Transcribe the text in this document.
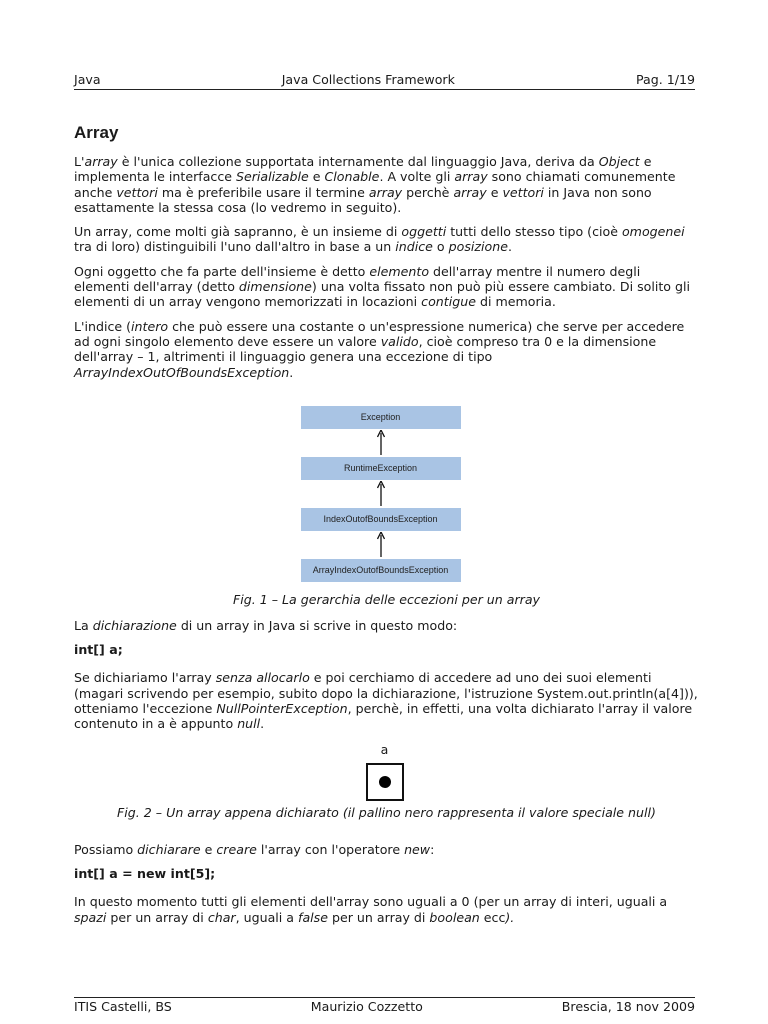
Java	Java Collections Framework	Pag. 1/19
Array

L'array è l'unica collezione supportata internamente dal linguaggio Java, deriva da Object e implementa le interfacce Serializable e Clonable. A volte gli array sono chiamati comunemente anche vettori ma è preferibile usare il termine array perchè array e vettori in Java non sono esattamente la stessa cosa (lo vedremo in seguito).

Un array, come molti già sapranno, è un insieme di oggetti tutti dello stesso tipo (cioè omogenei tra di loro) distinguibili l'uno dall'altro in base a un indice o posizione.

Ogni oggetto che fa parte dell'insieme è detto elemento dell'array mentre il numero degli elementi dell'array (detto dimensione) una volta fissato non può più essere cambiato. Di solito gli elementi di un array vengono memorizzati in locazioni contigue di memoria.

L'indice (intero che può essere una costante o un'espressione numerica) che serve per accedere ad ogni singolo elemento deve essere un valore valido, cioè compreso tra 0 e la dimensione dell'array – 1, altrimenti il linguaggio genera una eccezione di tipo ArrayIndexOutOfBoundsException.

Exception
RuntimeException
IndexOutofBoundsException
ArrayIndexOutofBoundsException

Fig. 1 – La gerarchia delle eccezioni per un array

La dichiarazione di un array in Java si scrive in questo modo:

int[] a;

Se dichiariamo l'array senza allocarlo e poi cerchiamo di accedere ad uno dei suoi elementi (magari scrivendo per esempio, subito dopo la dichiarazione, l'istruzione System.out.println(a[4])), otteniamo l'eccezione NullPointerException, perchè, in effetti, una volta dichiarato l'array il valore contenuto in a è appunto null.

a

Fig. 2 – Un array appena dichiarato (il pallino nero rappresenta il valore speciale null)

Possiamo dichiarare e creare l'array con l'operatore new:

int[] a = new int[5];

In questo momento tutti gli elementi dell'array sono uguali a 0 (per un array di interi, uguali a spazi per un array di char, uguali a false per un array di boolean ecc).

ITIS Castelli, BS	Maurizio Cozzetto	Brescia, 18 nov 2009
